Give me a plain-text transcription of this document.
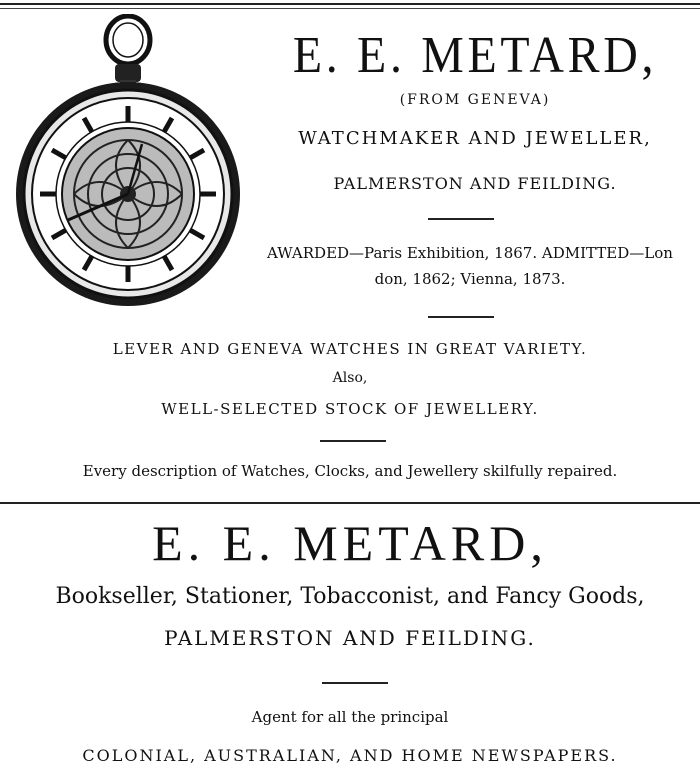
E. E. METARD,
(FROM GENEVA)
WATCHMAKER AND JEWELLER,
PALMERSTON AND FEILDING.
AWARDED—Paris Exhibition, 1867. ADMITTED—Lon
don, 1862; Vienna, 1873.
LEVER AND GENEVA WATCHES IN GREAT VARIETY.
Also,
WELL-SELECTED STOCK OF JEWELLERY.
Every description of Watches, Clocks, and Jewellery skilfully repaired.
E. E. METARD,
Bookseller, Stationer, Tobacconist, and Fancy Goods,
PALMERSTON AND FEILDING.
Agent for all the principal
COLONIAL, AUSTRALIAN, AND HOME NEWSPAPERS.
